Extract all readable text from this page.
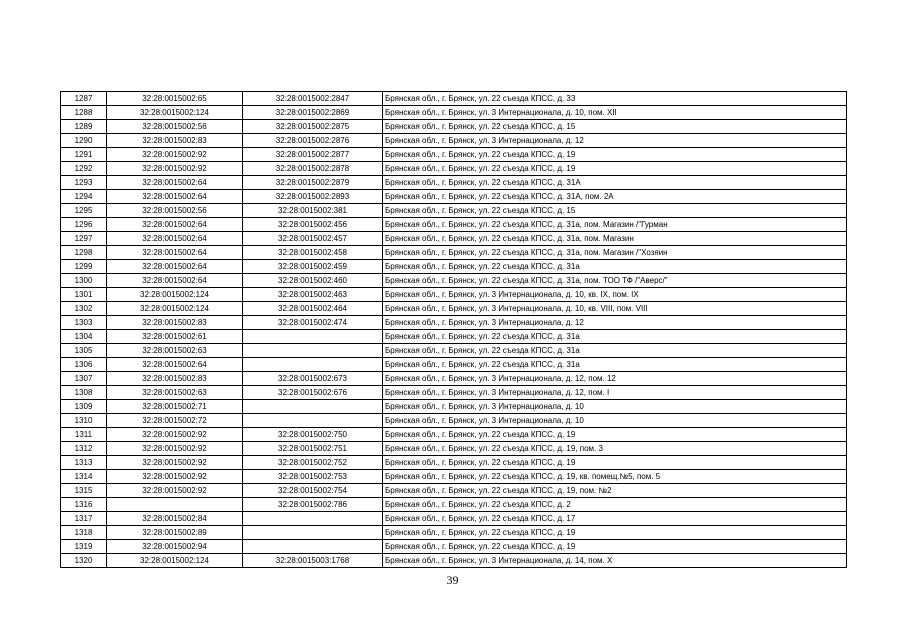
1287	32:28:0015002:65	32:28:0015002:2847	Брянская обл., г. Брянск, ул. 22 съезда КПСС, д. 33
1288	32:28:0015002:124	32:28:0015002:2869	Брянская обл., г. Брянск, ул. 3 Интернационала, д. 10, пом. XII
1289	32:28:0015002:56	32:28:0015002:2875	Брянская обл., г. Брянск, ул. 22 съезда КПСС, д. 15
1290	32:28:0015002:83	32:28:0015002:2876	Брянская обл., г. Брянск, ул. 3 Интернационала, д. 12
1291	32:28:0015002:92	32:28:0015002:2877	Брянская обл., г. Брянск, ул. 22 съезда КПСС, д. 19
1292	32:28:0015002:92	32:28:0015002:2878	Брянская обл., г. Брянск, ул. 22 съезда КПСС, д. 19
1293	32:28:0015002:64	32:28:0015002:2879	Брянская обл., г. Брянск, ул. 22 съезда КПСС, д. 31А
1294	32:28:0015002:64	32:28:0015002:2893	Брянская обл., г. Брянск, ул. 22 съезда КПСС, д. 31А, пом. 2А
1295	32:28:0015002:56	32:28:0015002:381	Брянская обл., г. Брянск, ул. 22 съезда КПСС, д. 15
1296	32:28:0015002:64	32:28:0015002:456	Брянская обл., г. Брянск, ул. 22 съезда КПСС, д. 31а, пом. Магазин /"Гурман
1297	32:28:0015002:64	32:28:0015002:457	Брянская обл., г. Брянск, ул. 22 съезда КПСС, д. 31а, пом. Магазин
1298	32:28:0015002:64	32:28:0015002:458	Брянская обл., г. Брянск, ул. 22 съезда КПСС, д. 31а, пом. Магазин /"Хозяин
1299	32:28:0015002:64	32:28:0015002:459	Брянская обл., г. Брянск, ул. 22 съезда КПСС, д. 31а
1300	32:28:0015002:64	32:28:0015002:460	Брянская обл., г. Брянск, ул. 22 съезда КПСС, д. 31а, пом. ТОО ТФ /"Аверс/"
1301	32:28:0015002:124	32:28:0015002:463	Брянская обл., г. Брянск, ул. 3 Интернационала, д. 10, кв. IX, пом. IX
1302	32:28:0015002:124	32:28:0015002:464	Брянская обл., г. Брянск, ул. 3 Интернационала, д. 10, кв. VIII, пом. VIII
1303	32:28:0015002:83	32:28:0015002:474	Брянская обл., г. Брянск, ул. 3 Интернационала, д. 12
1304	32:28:0015002:61		Брянская обл., г. Брянск, ул. 22 съезда КПСС, д. 31а
1305	32:28:0015002:63		Брянская обл., г. Брянск, ул. 22 съезда КПСС, д. 31а
1306	32:28:0015002:64		Брянская обл., г. Брянск, ул. 22 съезда КПСС, д. 31а
1307	32:28:0015002:83	32:28:0015002:673	Брянская обл., г. Брянск, ул. 3 Интернационала, д. 12, пом. 12
1308	32:28:0015002:63	32:28:0015002:676	Брянская обл., г. Брянск, ул. 3 Интернационала, д. 12, пом. I
1309	32:28:0015002:71		Брянская обл., г. Брянск, ул. 3 Интернационала, д. 10
1310	32:28:0015002:72		Брянская обл., г. Брянск, ул. 3 Интернационала, д. 10
1311	32:28:0015002:92	32:28:0015002:750	Брянская обл., г. Брянск, ул. 22 съезда КПСС, д. 19
1312	32:28:0015002:92	32:28:0015002:751	Брянская обл., г. Брянск, ул. 22 съезда КПСС, д. 19, пом. 3
1313	32:28:0015002:92	32:28:0015002:752	Брянская обл., г. Брянск, ул. 22 съезда КПСС, д. 19
1314	32:28:0015002:92	32:28:0015002:753	Брянская обл., г. Брянск, ул. 22 съезда КПСС, д. 19, кв. помещ.№5, пом. 5
1315	32:28:0015002:92	32:28:0015002:754	Брянская обл., г. Брянск, ул. 22 съезда КПСС, д. 19, пом. №2
1316		32:28:0015002:786	Брянская обл., г. Брянск, ул. 22 съезда КПСС, д. 2
1317	32:28:0015002:84		Брянская обл., г. Брянск, ул. 22 съезда КПСС, д. 17
1318	32:28:0015002:89		Брянская обл., г. Брянск, ул. 22 съезда КПСС, д. 19
1319	32:28:0015002:94		Брянская обл., г. Брянск, ул. 22 съезда КПСС, д. 19
1320	32:28:0015002:124	32:28:0015003:1768	Брянская обл., г. Брянск, ул. 3 Интернационала, д. 14, пом. X
39
